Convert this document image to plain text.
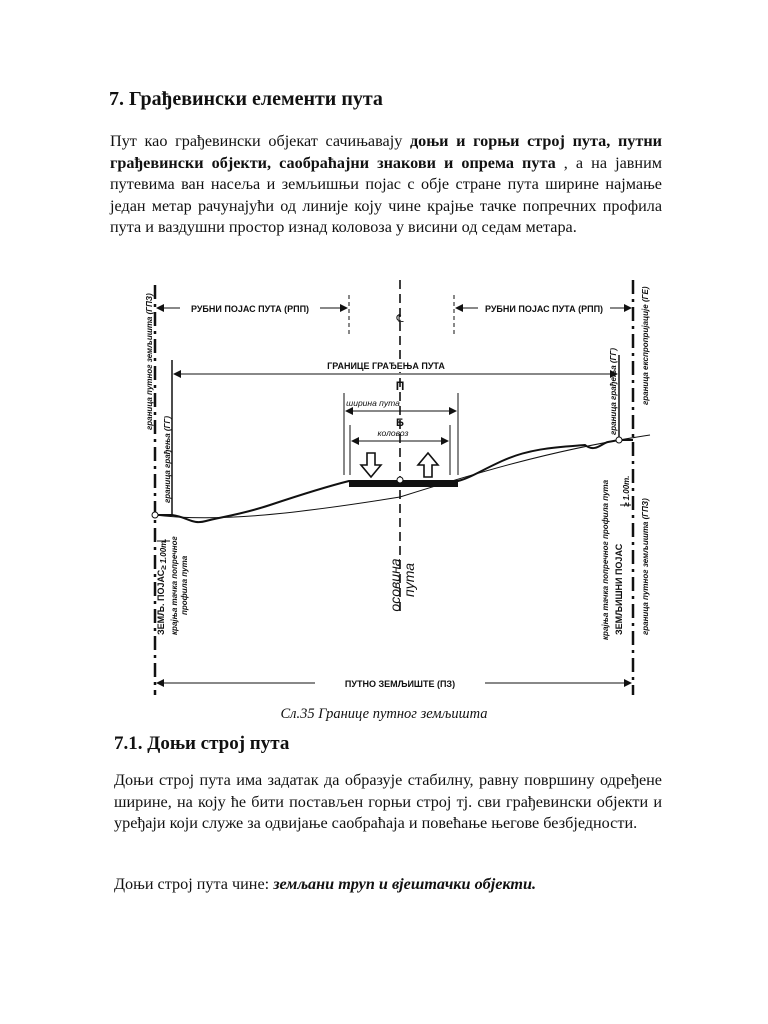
7. Грађевински елементи пута

Пут као грађевински објекат сачињавају доњи и горњи строј пута, путни грађевински објекти, саобраћајни знакови и опрема пута , а на јавним путевима ван насеља и земљишњи појас с обје стране пута ширине најмање један метар рачунајући од линије коју чине крајње тачке попречних профила пута и ваздушни простор изнад коловоза у висини од седам метара.

РУБНИ ПОЈАС ПУТА (РПП)	РУБНИ ПОЈАС ПУТА (РПП)
℄
ГРАНИЦЕ ГРАЂЕЊА ПУТА
П
ширина пута
Б
коловоз
≥ 1.00m.
≥ 1.00m.
граница путног земљишта (ГПЗ)
граница грађења (ГГ)
ЗЕМЉ. ПОЈАС крајња тачка попречног профила пута	осовина
пута
граница грађења (ГГ)	граница експропријације (ГЕ)
крајња тачка попречног профила пута ЗЕМЉИШНИ ПОЈАС граница путног земљишта (ГПЗ)
ПУТНО ЗЕМЉИШТЕ (ПЗ)

Сл.35 Границе путног земљишта

7.1. Доњи строј пута

Доњи строј пута има задатак да образује стабилну, равну површину одређене ширине, на коју ће бити постављен горњи строј тј. сви грађевински објекти и уређаји који служе за одвијање саобраћаја и повећање његове безбједности.

Доњи строј пута чине: земљани труп и вјештачки објекти.
